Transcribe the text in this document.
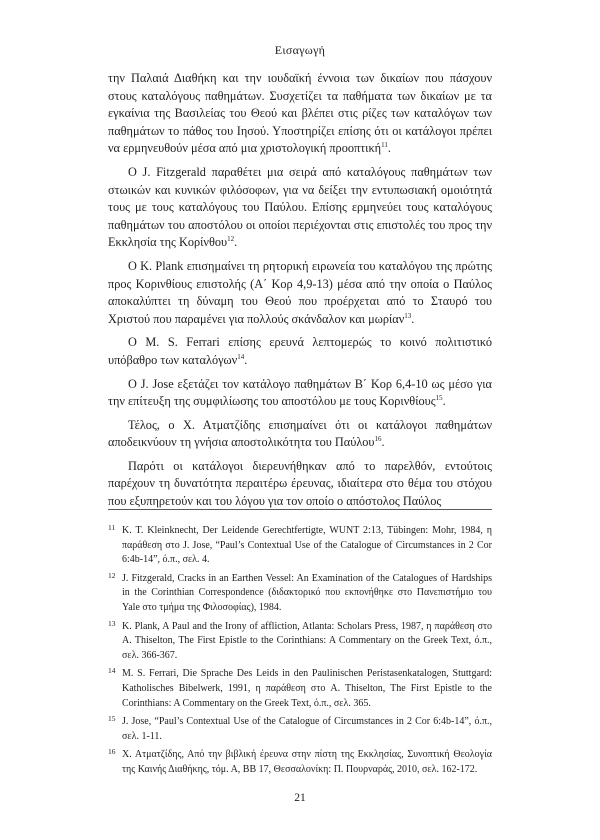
Εισαγωγή

την Παλαιά Διαθήκη και την ιουδαϊκή έννοια των δικαίων που πάσχουν στους καταλόγους παθημάτων. Συσχετίζει τα παθήματα των δικαίων με τα εγκαίνια της Βασιλείας του Θεού και βλέπει στις ρίζες των καταλόγων των παθημάτων το πάθος του Ιησού. Υποστηρίζει επίσης ότι οι κατάλογοι πρέπει να ερμηνευθούν μέσα από μια χριστολογική προοπτική$^{11}$.

Ο J. Fitzgerald παραθέτει μια σειρά από καταλόγους παθημάτων των στωικών και κυνικών φιλόσοφων, για να δείξει την εντυπωσιακή ομοιότητά τους με τους καταλόγους του Παύλου. Επίσης ερμηνεύει τους καταλόγους παθημάτων του αποστόλου οι οποίοι περιέχονται στις επιστολές του προς την Εκκλησία της Κορίνθου$^{12}$.

Ο K. Plank επισημαίνει τη ρητορική ειρωνεία του καταλόγου της πρώτης προς Κορινθίους επιστολής (Α΄ Κορ 4,9-13) μέσα από την οποία ο Παύλος αποκαλύπτει τη δύναμη του Θεού που προέρχεται από το Σταυρό του Χριστού που παραμένει για πολλούς σκάνδαλον και μωρίαν$^{13}$.

Ο M. S. Ferrari επίσης ερευνά λεπτομερώς το κοινό πολιτιστικό υπόβαθρο των καταλόγων$^{14}$.

Ο J. Jose εξετάζει τον κατάλογο παθημάτων Β΄ Κορ 6,4-10 ως μέσο για την επίτευξη της συμφιλίωσης του αποστόλου με τους Κορινθίους$^{15}$.

Τέλος, ο Χ. Ατματζίδης επισημαίνει ότι οι κατάλογοι παθημάτων αποδεικνύουν τη γνήσια αποστολικότητα του Παύλου$^{16}$.

Παρότι οι κατάλογοι διερευνήθηκαν από το παρελθόν, εντούτοις παρέχουν τη δυνατότητα περαιτέρω έρευνας, ιδιαίτερα στο θέμα του στόχου που εξυπηρετούν και του λόγου για τον οποίο ο απόστολος Παύλος

11 K. T. Kleinknecht, Der Leidende Gerechtfertigte, WUNT 2:13, Tübingen: Mohr, 1984, η παράθεση στο J. Jose, “Paul’s Contextual Use of the Catalogue of Circumstances in 2 Cor 6:4b-14”, ό.π., σελ. 4.
12 J. Fitzgerald, Cracks in an Earthen Vessel: An Examination of the Catalogues of Hardships in the Corinthian Correspondence (διδακτορικό που εκπονήθηκε στο Πανεπιστήμιο του Yale στο τμήμα της Φιλοσοφίας), 1984.
13 K. Plank, A Paul and the Irony of affliction, Atlanta: Scholars Press, 1987, η παράθεση στο A. Thiselton, The First Epistle to the Corinthians: A Commentary on the Greek Text, ό.π., σελ. 366-367.
14 M. S. Ferrari, Die Sprache Des Leids in den Paulinischen Peristasenkatalogen, Stuttgard: Katholisches Bibelwerk, 1991, η παράθεση στο A. Thiselton, The First Epistle to the Corinthians: A Commentary on the Greek Text, ό.π., σελ. 365.
15 J. Jose, “Paul’s Contextual Use of the Catalogue of Circumstances in 2 Cor 6:4b-14”, ό.π., σελ. 1-11.
16 Χ. Ατματζίδης, Από την βιβλική έρευνα στην πίστη της Εκκλησίας, Συνοπτική Θεολογία της Καινής Διαθήκης, τόμ. Α, ΒΒ 17, Θεσσαλονίκη: Π. Πουρναράς, 2010, σελ. 162-172.
21
